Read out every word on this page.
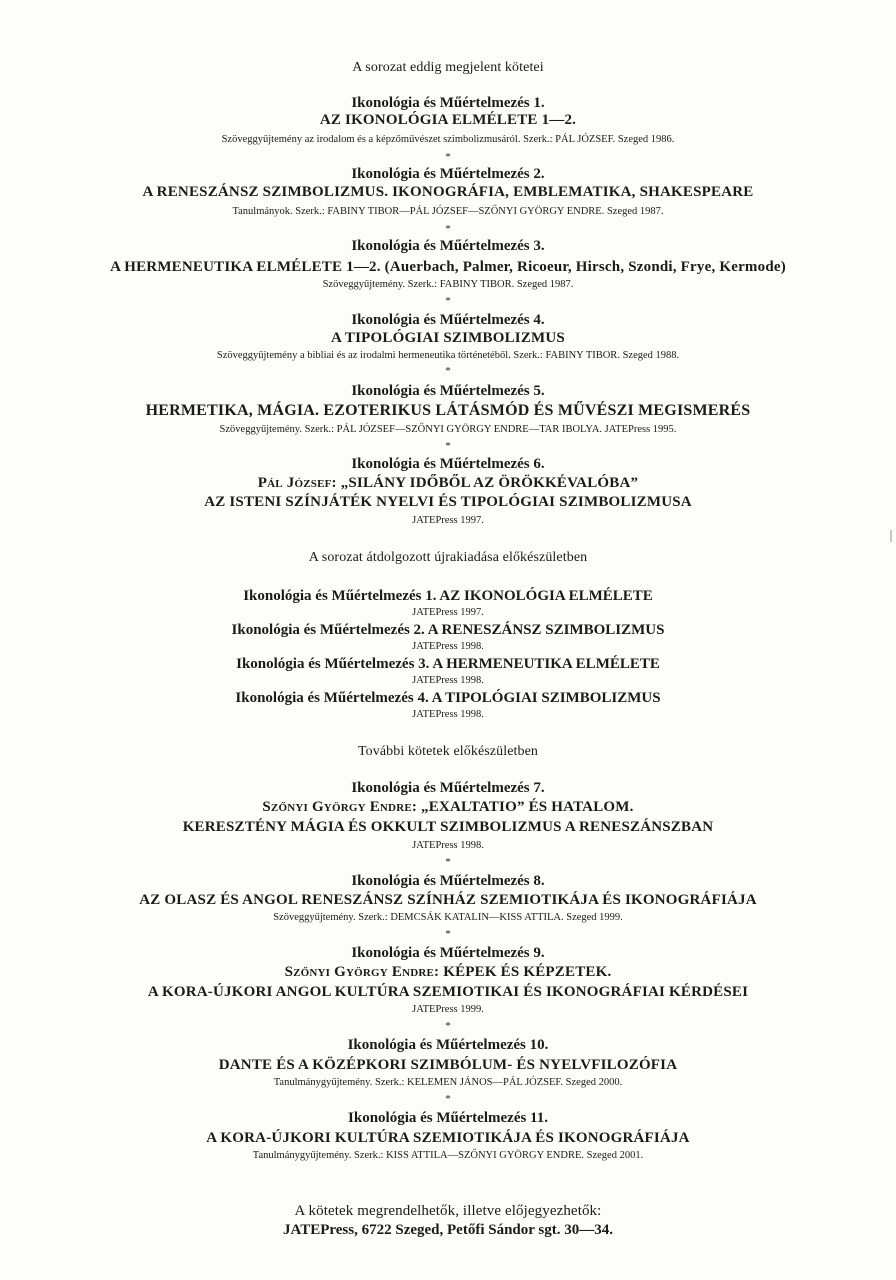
A sorozat eddig megjelent kötetei
Ikonológia és Műértelmezés 1.
AZ IKONOLÓGIA ELMÉLETE 1—2.
Szöveggyűjtemény az irodalom és a képzőművészet szimbolizmusáról. Szerk.: PÁL JÓZSEF. Szeged 1986.
*
Ikonológia és Műértelmezés 2.
A RENESZÁNSZ SZIMBOLIZMUS. IKONOGRÁFIA, EMBLEMATIKA, SHAKESPEARE
Tanulmányok. Szerk.: FABINY TIBOR—PÁL JÓZSEF—SZŐNYI GYÖRGY ENDRE. Szeged 1987.
*
Ikonológia és Műértelmezés 3.
A HERMENEUTIKA ELMÉLETE 1—2. (Auerbach, Palmer, Ricoeur, Hirsch, Szondi, Frye, Kermode)
Szöveggyűjtemény. Szerk.: FABINY TIBOR. Szeged 1987.
*
Ikonológia és Műértelmezés 4.
A TIPOLÓGIAI SZIMBOLIZMUS
Szöveggyűjtemény a bibliai és az irodalmi hermeneutika történetéből. Szerk.: FABINY TIBOR. Szeged 1988.
*
Ikonológia és Műértelmezés 5.
HERMETIKA, MÁGIA. EZOTERIKUS LÁTÁSMÓD ÉS MŰVÉSZI MEGISMERÉS
Szöveggyűjtemény. Szerk.: PÁL JÓZSEF—SZŐNYI GYÖRGY ENDRE—TAR IBOLYA. JATEPress 1995.
*
Ikonológia és Műértelmezés 6.
Pál József: „SILÁNY IDŐBŐL AZ ÖRÖKKÉVALÓBA”
AZ ISTENI SZÍNJÁTÉK NYELVI ÉS TIPOLÓGIAI SZIMBOLIZMUSA
JATEPress 1997.
A sorozat átdolgozott újrakiadása előkészületben
Ikonológia és Műértelmezés 1. AZ IKONOLÓGIA ELMÉLETE
JATEPress 1997.
Ikonológia és Műértelmezés 2. A RENESZÁNSZ SZIMBOLIZMUS
JATEPress 1998.
Ikonológia és Műértelmezés 3. A HERMENEUTIKA ELMÉLETE
JATEPress 1998.
Ikonológia és Műértelmezés 4. A TIPOLÓGIAI SZIMBOLIZMUS
JATEPress 1998.
További kötetek előkészületben
Ikonológia és Műértelmezés 7.
Szőnyi György Endre: „EXALTATIO” ÉS HATALOM.
KERESZTÉNY MÁGIA ÉS OKKULT SZIMBOLIZMUS A RENESZÁNSZBAN
JATEPress 1998.
*
Ikonológia és Műértelmezés 8.
AZ OLASZ ÉS ANGOL RENESZÁNSZ SZÍNHÁZ SZEMIOTIKÁJA ÉS IKONOGRÁFIÁJA
Szöveggyűjtemény. Szerk.: DEMCSÁK KATALIN—KISS ATTILA. Szeged 1999.
*
Ikonológia és Műértelmezés 9.
Szőnyi György Endre: KÉPEK ÉS KÉPZETEK.
A KORA-ÚJKORI ANGOL KULTÚRA SZEMIOTIKAI ÉS IKONOGRÁFIAI KÉRDÉSEI
JATEPress 1999.
*
Ikonológia és Műértelmezés 10.
DANTE ÉS A KÖZÉPKORI SZIMBÓLUM- ÉS NYELVFILOZÓFIA
Tanulmánygyűjtemény. Szerk.: KELEMEN JÁNOS—PÁL JÓZSEF. Szeged 2000.
*
Ikonológia és Műértelmezés 11.
A KORA-ÚJKORI KULTÚRA SZEMIOTIKÁJA ÉS IKONOGRÁFIÁJA
Tanulmánygyűjtemény. Szerk.: KISS ATTILA—SZŐNYI GYÖRGY ENDRE. Szeged 2001.
A kötetek megrendelhetők, illetve előjegyezhetők:
JATEPress, 6722 Szeged, Petőfi Sándor sgt. 30—34.
